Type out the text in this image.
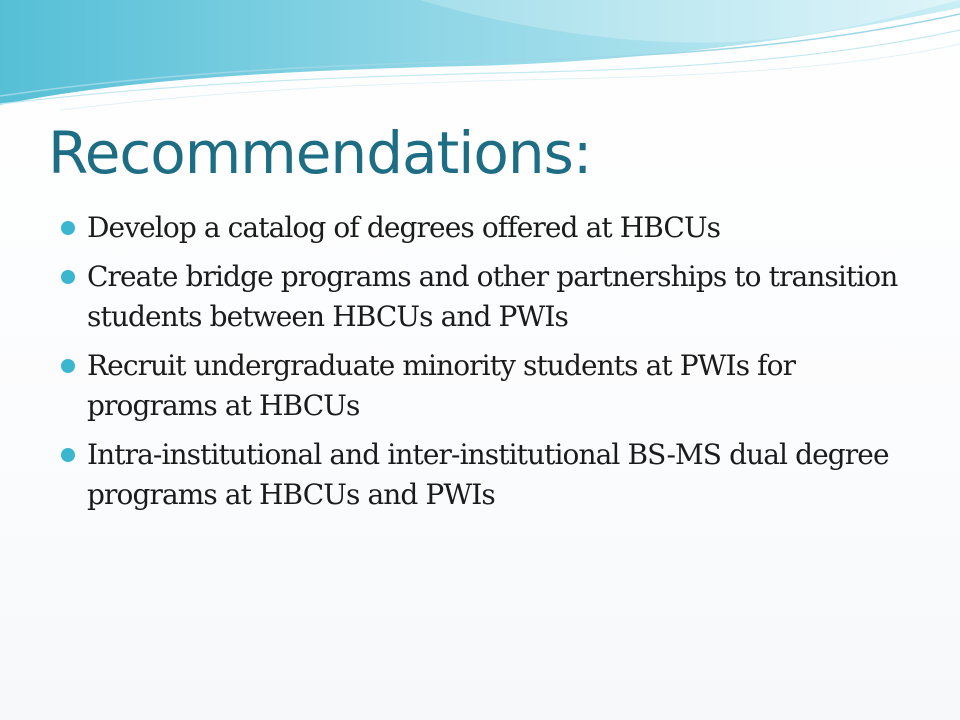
Recommendations:
Develop a catalog of degrees offered at HBCUs
Create bridge programs and other partnerships to transition students between HBCUs and PWIs
Recruit undergraduate minority students at PWIs for programs at HBCUs
Intra-institutional and inter-institutional BS-MS dual degree programs at HBCUs and PWIs
